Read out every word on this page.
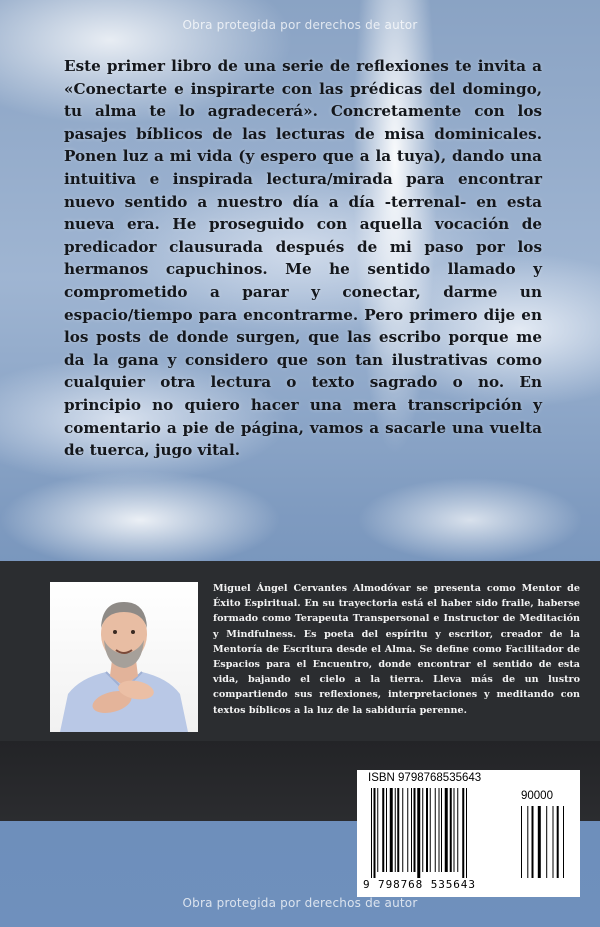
Obra protegida por derechos de autor
Este primer libro de una serie de reflexiones te invita a «Conectarte e inspirarte con las prédicas del domingo, tu alma te lo agradecerá». Concretamente con los pasajes bíblicos de las lecturas de misa dominicales. Ponen luz a mi vida (y espero que a la tuya), dando una intuitiva e inspirada lectura/mirada para encontrar nuevo sentido a nuestro día a día -terrenal- en esta nueva era. He proseguido con aquella vocación de predicador clausurada después de mi paso por los hermanos capuchinos. Me he sentido llamado y comprometido a parar y conectar, darme un espacio/tiempo para encontrarme. Pero primero dije en los posts de donde surgen, que las escribo porque me da la gana y considero que son tan ilustrativas como cualquier otra lectura o texto sagrado o no. En principio no quiero hacer una mera transcripción y comentario a pie de página, vamos a sacarle una vuelta de tuerca, jugo vital.
Miguel Ángel Cervantes Almodóvar se presenta como Mentor de Éxito Espiritual. En su trayectoria está el haber sido fraile, haberse formado como Terapeuta Transpersonal e Instructor de Meditación y Mindfulness. Es poeta del espíritu y escritor, creador de la Mentoría de Escritura desde el Alma. Se define como Facilitador de Espacios para el Encuentro, donde encontrar el sentido de esta vida, bajando el cielo a la tierra. Lleva más de un lustro compartiendo sus reflexiones, interpretaciones y meditando con textos bíblicos a la luz de la sabiduría perenne.
ISBN 9798768535643
90000
9 798768 535643
Obra protegida por derechos de autor
